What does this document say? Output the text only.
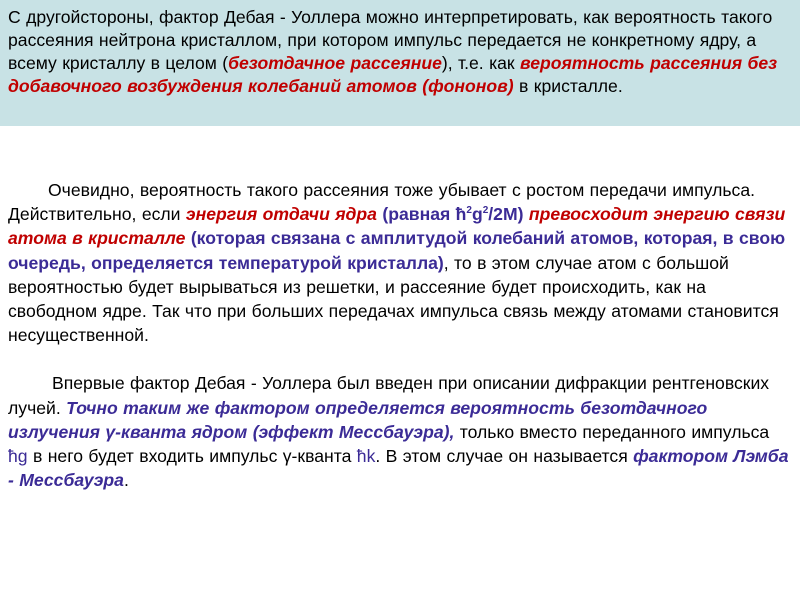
С другойстороны, фактор Дебая - Уоллера можно интерпретировать, как вероятность такого рассеяния нейтрона кристаллом, при котором импульс передается не конкретному ядру, а всему кристаллу в целом (безотдачное рассеяние), т.е. как вероятность рассеяния без добавочного возбуждения колебаний атомов (фононов) в кристалле.

Очевидно, вероятность такого рассеяния тоже убывает с ростом передачи импульса. Действительно, если энергия отдачи ядра (равная $ħ^2g^2/2M$) превосходит энергию связи атома в кристалле (которая связана с амплитудой колебаний атомов, которая, в свою очередь, определяется температурой кристалла), то в этом случае атом с большой вероятностью будет вырываться из решетки, и рассеяние будет происходить, как на свободном ядре. Так что при больших передачах импульса связь между атомами становится несущественной.

Впервые фактор Дебая - Уоллера был введен при описании дифракции рентгеновских лучей. Точно таким же фактором определяется вероятность безотдачного излучения γ-кванта ядром (эффект Мессбауэра), только вместо переданного импульса ħg в него будет входить импульс γ-кванта ħk. В этом случае он называется фактором Лэмба - Мессбауэра.
